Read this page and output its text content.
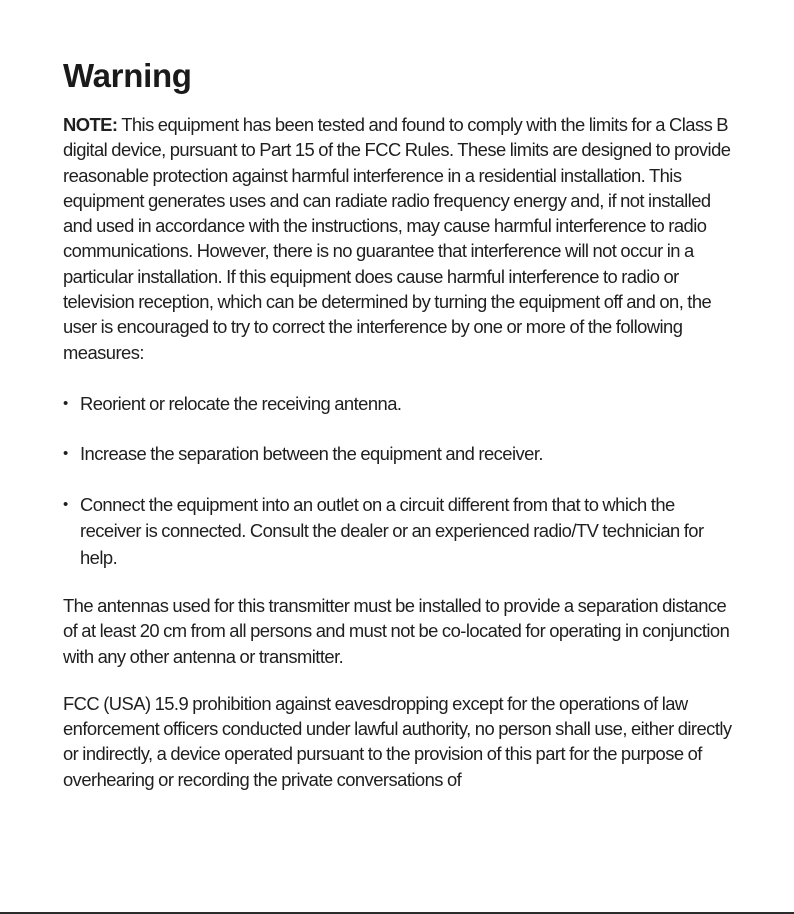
Warning

NOTE: This equipment has been tested and found to comply with the limits for a Class B digital device, pursuant to Part 15 of the FCC Rules. These limits are designed to provide reasonable protection against harmful interference in a residential installation. This equipment generates uses and can radiate radio frequency energy and, if not installed and used in accordance with the instructions, may cause harmful interference to radio communications. However, there is no guarantee that interference will not occur in a particular installation. If this equipment does cause harmful interference to radio or television reception, which can be determined by turning the equipment off and on, the user is encouraged to try to correct the interference by one or more of the following measures:

• Reorient or relocate the receiving antenna.
• Increase the separation between the equipment and receiver.
• Connect the equipment into an outlet on a circuit different from that to which the receiver is connected. Consult the dealer or an experienced radio/TV technician for help.

The antennas used for this transmitter must be installed to provide a separation distance of at least 20 cm from all persons and must not be co-located for operating in conjunction with any other antenna or transmitter.

FCC (USA) 15.9 prohibition against eavesdropping except for the operations of law enforcement officers conducted under lawful authority, no person shall use, either directly or indirectly, a device operated pursuant to the provision of this part for the purpose of overhearing or recording the private conversations of
